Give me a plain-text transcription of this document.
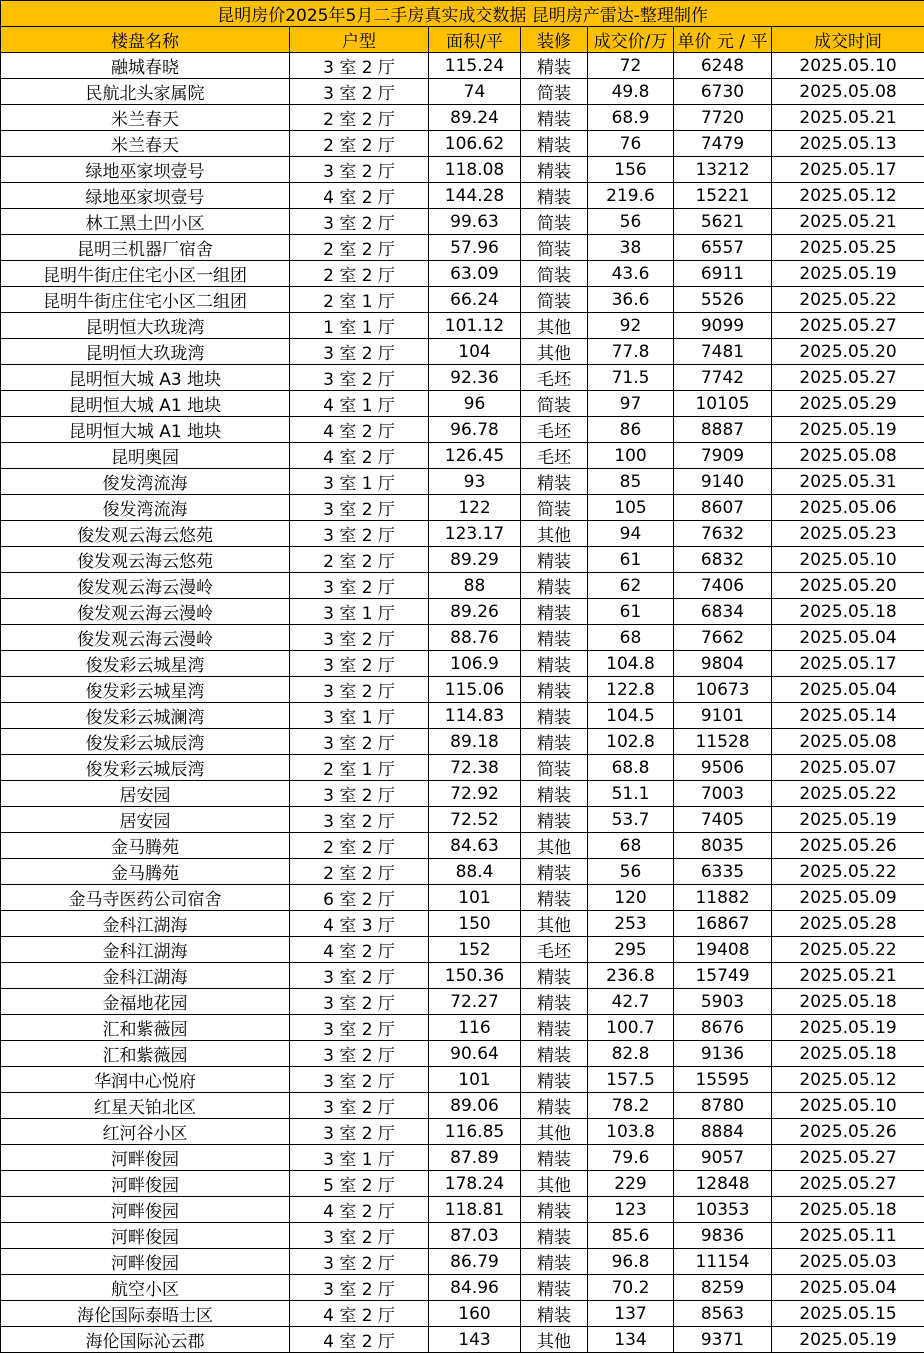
昆明房价2025年5月二手房真实成交数据 昆明房产雷达-整理制作						
楼盘名称	户型	面积/平	装修	成交价/万	单价 元 / 平	成交时间
融城春晓	3 室 2 厅	115.24	精装	72	6248	2025.05.10
民航北头家属院	3 室 2 厅	74	简装	49.8	6730	2025.05.08
米兰春天	2 室 2 厅	89.24	精装	68.9	7720	2025.05.21
米兰春天	2 室 2 厅	106.62	精装	76	7479	2025.05.13
绿地巫家坝壹号	3 室 2 厅	118.08	精装	156	13212	2025.05.17
绿地巫家坝壹号	4 室 2 厅	144.28	精装	219.6	15221	2025.05.12
林工黑土凹小区	3 室 2 厅	99.63	简装	56	5621	2025.05.21
昆明三机器厂宿舍	2 室 2 厅	57.96	简装	38	6557	2025.05.25
昆明牛街庄住宅小区一组团	2 室 2 厅	63.09	简装	43.6	6911	2025.05.19
昆明牛街庄住宅小区二组团	2 室 1 厅	66.24	简装	36.6	5526	2025.05.22
昆明恒大玖珑湾	1 室 1 厅	101.12	其他	92	9099	2025.05.27
昆明恒大玖珑湾	3 室 2 厅	104	其他	77.8	7481	2025.05.20
昆明恒大城 A3 地块	3 室 2 厅	92.36	毛坯	71.5	7742	2025.05.27
昆明恒大城 A1 地块	4 室 1 厅	96	简装	97	10105	2025.05.29
昆明恒大城 A1 地块	4 室 2 厅	96.78	毛坯	86	8887	2025.05.19
昆明奥园	4 室 2 厅	126.45	毛坯	100	7909	2025.05.08
俊发湾流海	3 室 1 厅	93	精装	85	9140	2025.05.31
俊发湾流海	3 室 2 厅	122	简装	105	8607	2025.05.06
俊发观云海云悠苑	3 室 2 厅	123.17	其他	94	7632	2025.05.23
俊发观云海云悠苑	2 室 2 厅	89.29	精装	61	6832	2025.05.10
俊发观云海云漫岭	3 室 2 厅	88	精装	62	7406	2025.05.20
俊发观云海云漫岭	3 室 1 厅	89.26	精装	61	6834	2025.05.18
俊发观云海云漫岭	3 室 2 厅	88.76	精装	68	7662	2025.05.04
俊发彩云城星湾	3 室 2 厅	106.9	精装	104.8	9804	2025.05.17
俊发彩云城星湾	3 室 2 厅	115.06	精装	122.8	10673	2025.05.04
俊发彩云城澜湾	3 室 1 厅	114.83	精装	104.5	9101	2025.05.14
俊发彩云城辰湾	3 室 2 厅	89.18	精装	102.8	11528	2025.05.08
俊发彩云城辰湾	2 室 1 厅	72.38	简装	68.8	9506	2025.05.07
居安园	3 室 2 厅	72.92	精装	51.1	7003	2025.05.22
居安园	3 室 2 厅	72.52	精装	53.7	7405	2025.05.19
金马腾苑	2 室 2 厅	84.63	其他	68	8035	2025.05.26
金马腾苑	2 室 2 厅	88.4	精装	56	6335	2025.05.22
金马寺医药公司宿舍	6 室 2 厅	101	精装	120	11882	2025.05.09
金科江湖海	4 室 3 厅	150	其他	253	16867	2025.05.28
金科江湖海	4 室 2 厅	152	毛坯	295	19408	2025.05.22
金科江湖海	3 室 2 厅	150.36	精装	236.8	15749	2025.05.21
金福地花园	3 室 2 厅	72.27	精装	42.7	5903	2025.05.18
汇和紫薇园	3 室 2 厅	116	精装	100.7	8676	2025.05.19
汇和紫薇园	3 室 2 厅	90.64	精装	82.8	9136	2025.05.18
华润中心悦府	3 室 2 厅	101	精装	157.5	15595	2025.05.12
红星天铂北区	3 室 2 厅	89.06	精装	78.2	8780	2025.05.10
红河谷小区	3 室 2 厅	116.85	其他	103.8	8884	2025.05.26
河畔俊园	3 室 1 厅	87.89	精装	79.6	9057	2025.05.27
河畔俊园	5 室 2 厅	178.24	其他	229	12848	2025.05.27
河畔俊园	4 室 2 厅	118.81	精装	123	10353	2025.05.18
河畔俊园	3 室 2 厅	87.03	精装	85.6	9836	2025.05.11
河畔俊园	3 室 2 厅	86.79	精装	96.8	11154	2025.05.03
航空小区	3 室 2 厅	84.96	精装	70.2	8259	2025.05.04
海伦国际泰晤士区	4 室 2 厅	160	精装	137	8563	2025.05.15
海伦国际沁云郡	4 室 2 厅	143	其他	134	9371	2025.05.19
